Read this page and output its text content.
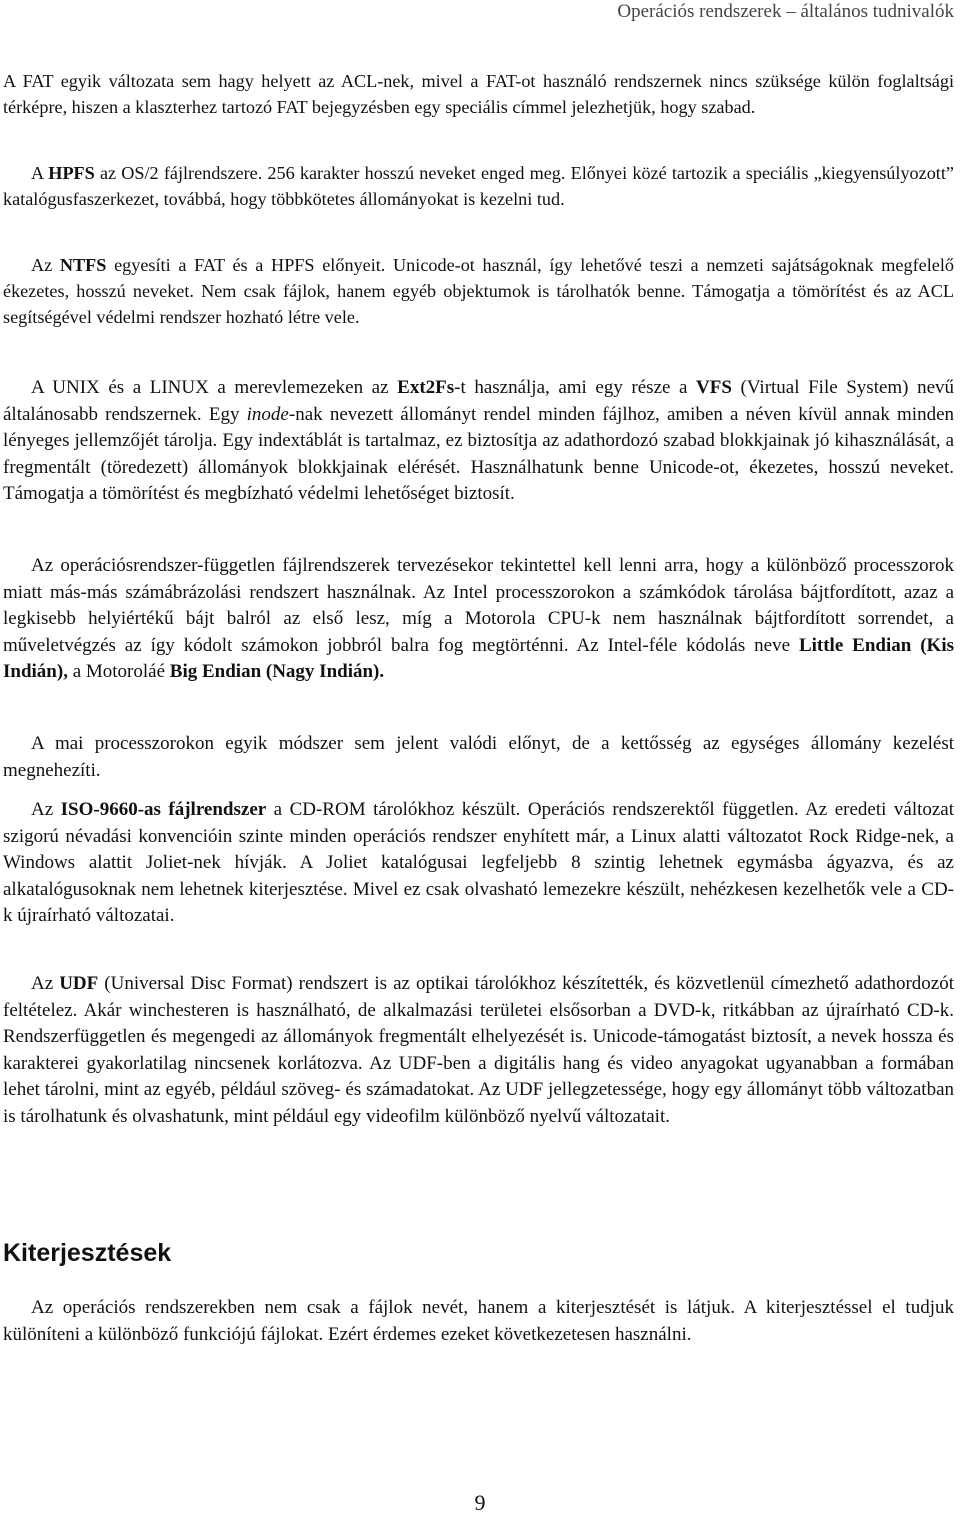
Operációs rendszerek – általános tudnivalók

A FAT egyik változata sem hagy helyett az ACL-nek, mivel a FAT-ot használó rendszernek nincs szüksége külön foglaltsági térképre, hiszen a klaszterhez tartozó FAT bejegyzésben egy speciális címmel jelezhetjük, hogy szabad.

A HPFS az OS/2 fájlrendszere. 256 karakter hosszú neveket enged meg. Előnyei közé tartozik a speciális „kiegyensúlyozott” katalógusfaszerkezet, továbbá, hogy többkötetes állományokat is kezelni tud.

Az NTFS egyesíti a FAT és a HPFS előnyeit. Unicode-ot használ, így lehetővé teszi a nemzeti sajátságoknak megfelelő ékezetes, hosszú neveket. Nem csak fájlok, hanem egyéb objektumok is tárolhatók benne. Támogatja a tömörítést és az ACL segítségével védelmi rendszer hozható létre vele.

A UNIX és a LINUX a merevlemezeken az Ext2Fs-t használja, ami egy része a VFS (Virtual File System) nevű általánosabb rendszernek. Egy inode-nak nevezett állományt rendel minden fájlhoz, amiben a néven kívül annak minden lényeges jellemzőjét tárolja. Egy indextáblát is tartalmaz, ez biztosítja az adathordozó szabad blokkjainak jó kihasználását, a fregmentált (töredezett) állományok blokkjainak elérését. Használhatunk benne Unicode-ot, ékezetes, hosszú neveket. Támogatja a tömörítést és megbízható védelmi lehetőséget biztosít.

Az operációsrendszer-független fájlrendszerek tervezésekor tekintettel kell lenni arra, hogy a különböző processzorok miatt más-más számábrázolási rendszert használnak. Az Intel processzorokon a számkódok tárolása bájtfordított, azaz a legkisebb helyiértékű bájt balról az első lesz, míg a Motorola CPU-k nem használnak bájtfordított sorrendet, a műveletvégzés az így kódolt számokon jobbról balra fog megtörténni. Az Intel-féle kódolás neve Little Endian (Kis Indián), a Motoroláé Big Endian (Nagy Indián).

A mai processzorokon egyik módszer sem jelent valódi előnyt, de a kettősség az egységes állomány kezelést megnehezíti.

Az ISO-9660-as fájlrendszer a CD-ROM tárolókhoz készült. Operációs rendszerektől független. Az eredeti változat szigorú névadási konvencióin szinte minden operációs rendszer enyhített már, a Linux alatti változatot Rock Ridge-nek, a Windows alattit Joliet-nek hívják. A Joliet katalógusai legfeljebb 8 szintig lehetnek egymásba ágyazva, és az alkatalógusoknak nem lehetnek kiterjesztése. Mivel ez csak olvasható lemezekre készült, nehézkesen kezelhetők vele a CD-k újraírható változatai.

Az UDF (Universal Disc Format) rendszert is az optikai tárolókhoz készítették, és közvetlenül címezhető adathordozót feltételez. Akár winchesteren is használható, de alkalmazási területei elsősorban a DVD-k, ritkábban az újraírható CD-k. Rendszerfüggetlen és megengedi az állományok fregmentált elhelyezését is. Unicode-támogatást biztosít, a nevek hossza és karakterei gyakorlatilag nincsenek korlátozva. Az UDF-ben a digitális hang és video anyagokat ugyanabban a formában lehet tárolni, mint az egyéb, például szöveg- és számadatokat. Az UDF jellegzetessége, hogy egy állományt több változatban is tárolhatunk és olvashatunk, mint például egy videofilm különböző nyelvű változatait.

Kiterjesztések

Az operációs rendszerekben nem csak a fájlok nevét, hanem a kiterjesztését is látjuk. A kiterjesztéssel el tudjuk különíteni a különböző funkciójú fájlokat. Ezért érdemes ezeket következetesen használni.

9
